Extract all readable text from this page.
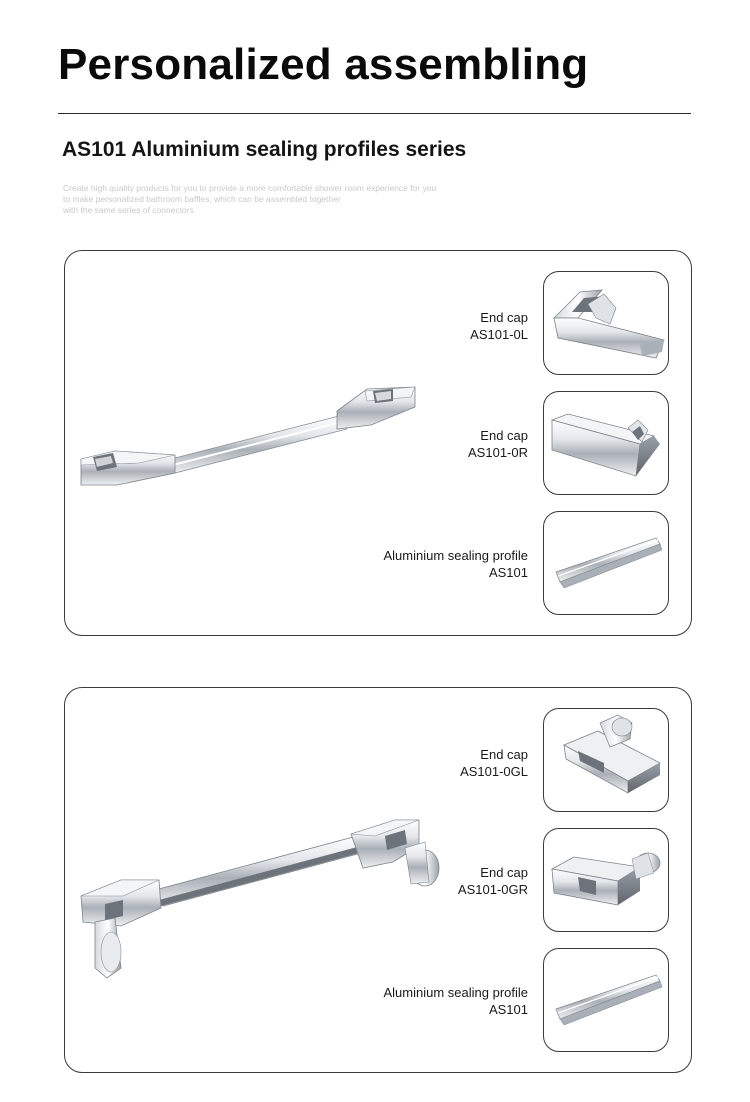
Personalized assembling
AS101 Aluminium sealing profiles series
Create high quality products for you to provide a more comfortable shower room experience for you
to make personalized bathroom baffles, which can be assembled together
with the same series of connectors
End cap
AS101-0L
End cap
AS101-0R
Aluminium sealing profile
AS101
End cap
AS101-0GL
End cap
AS101-0GR
Aluminium sealing profile
AS101
